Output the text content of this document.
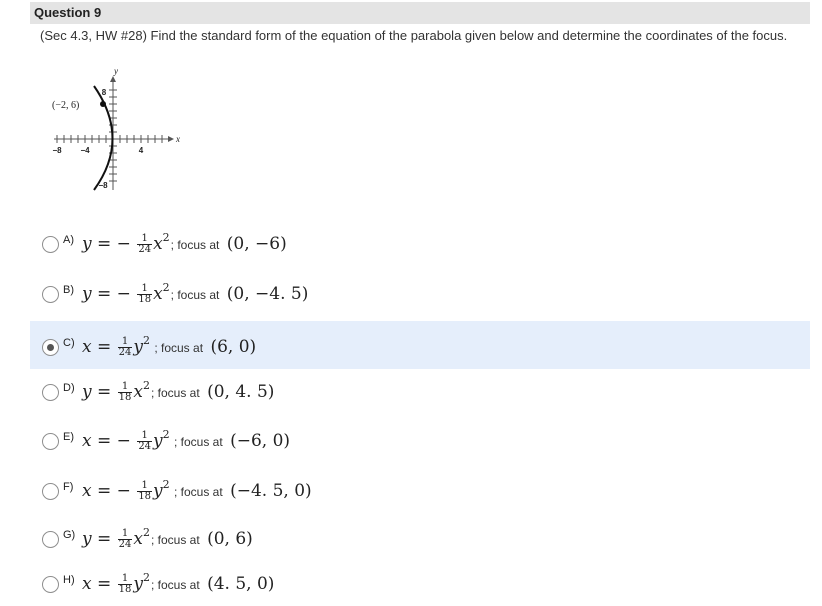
Question 9
(Sec 4.3, HW #28) Find the standard form of the equation of the parabola given below and determine the coordinates of the focus.
(−2, 6)
y
x
−8 −4	4
8
−8
A) y = − $\frac{1}{24} x^2$; focus at (0, −6)
B) y = − $\frac{1}{18} x^2$; focus at (0, −4. 5)
C) $x = \frac{1}{24} y^2$ ; focus at (6, 0)
D) $y = \frac{1}{18} x^2$; focus at (0, 4. 5)
E) x = − $\frac{1}{24} y^2$ ; focus at (−6, 0)
F) x = − $\frac{1}{18} y^2$ ; focus at (−4. 5, 0)
G) $y = \frac{1}{24} x^2$; focus at (0, 6)
H) $x = \frac{1}{18} y^2$; focus at (4. 5, 0)
